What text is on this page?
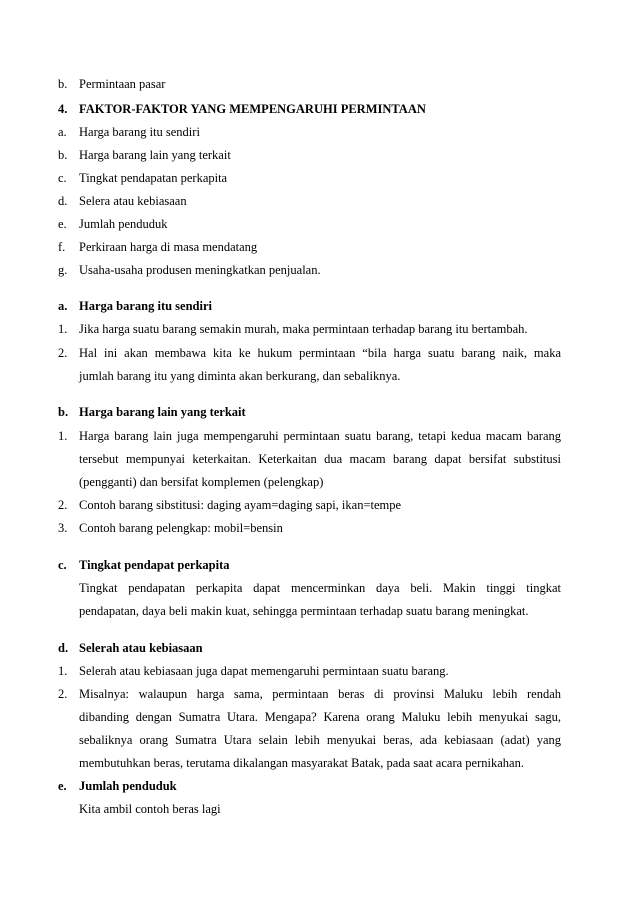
b. Permintaan pasar
4. FAKTOR-FAKTOR YANG MEMPENGARUHI PERMINTAAN
a. Harga barang itu sendiri
b. Harga barang lain yang terkait
c. Tingkat pendapatan perkapita
d. Selera atau kebiasaan
e. Jumlah penduduk
f. Perkiraan harga di masa mendatang
g. Usaha-usaha produsen meningkatkan penjualan.
a. Harga barang itu sendiri
1. Jika harga suatu barang semakin murah, maka permintaan terhadap barang itu bertambah.
2. Hal ini akan membawa kita ke hukum permintaan “bila harga suatu barang naik, maka
jumlah barang itu yang diminta akan berkurang, dan sebaliknya.
b. Harga barang lain yang terkait
1. Harga barang lain juga mempengaruhi permintaan suatu barang, tetapi kedua macam barang
tersebut mempunyai keterkaitan. Keterkaitan dua macam barang dapat bersifat substitusi
(pengganti) dan bersifat komplemen (pelengkap)
2. Contoh barang sibstitusi: daging ayam=daging sapi, ikan=tempe
3. Contoh barang pelengkap: mobil=bensin
c. Tingkat pendapat perkapita
Tingkat pendapatan perkapita dapat mencerminkan daya beli. Makin tinggi tingkat
pendapatan, daya beli makin kuat, sehingga permintaan terhadap suatu barang meningkat.
d. Selerah atau kebiasaan
1. Selerah atau kebiasaan juga dapat memengaruhi permintaan suatu barang.
2. Misalnya: walaupun harga sama, permintaan beras di provinsi Maluku lebih rendah
dibanding dengan Sumatra Utara. Mengapa? Karena orang Maluku lebih menyukai sagu,
sebaliknya orang Sumatra Utara selain lebih menyukai beras, ada kebiasaan (adat) yang
membutuhkan beras, terutama dikalangan masyarakat Batak, pada saat acara pernikahan.
e. Jumlah penduduk
Kita ambil contoh beras lagi
